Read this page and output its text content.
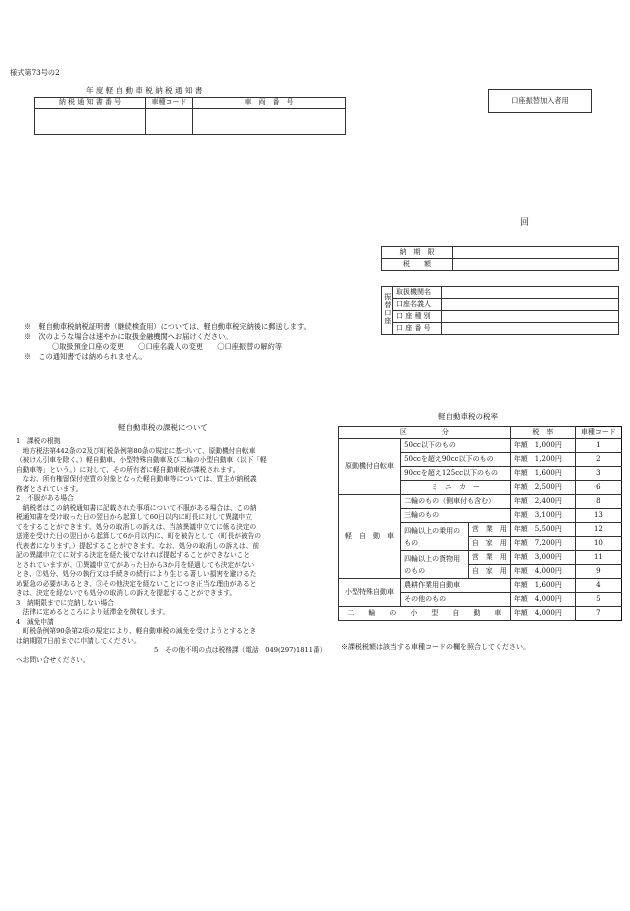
様式第73号の2
年 度 軽 自 動 車 税 納 税 通 知 書
納 税 通 知 書 番 号	車種コード	車　両　番　号
			口座振替加入者用
回
納　期　限	
税　　額	
振替口座	取扱機関名	
	口座名義人	
	口 座 種 別	
	口 座 番 号	

※　軽自動車税納税証明書（継続検査用）については、軽自動車税完納後に郵送します。

※　次のような場合は速やかに取扱金融機関へお届けください。

〇取扱預金口座の変更　　〇口座名義人の変更　　〇口座振替の解約等

※　この通知書では納められません。

軽自動車税の課税について

1　課税の根拠

　地方税法第442条の2及び町税条例第80条の規定に基づいて、原動機付自転車

（被けん引車を除く。）軽自動車、小型特殊自動車及び二輪の小型自動車（以下「軽

自動車等」という。）に対して、その所有者に軽自動車税が課税されます。

　なお、所有権留保付売買の対象となった軽自動車等については、買主が納税義

務者とされています。

2　不服がある場合

　納税者はこの納税通知書に記載された事項について不服がある場合は、この納

税通知書を受け取った日の翌日から起算して60日以内に町長に対して異議申立

てをすることができます。処分の取消しの訴えは、当該異議申立てに係る決定の

送達を受けた日の翌日から起算して6か月以内に、町を被告として（町長が被告の

代表者になります。）提起することができます。なお、処分の取消しの訴えは、前

記の異議申立てに対する決定を経た後でなければ提起することができないこと

とされていますが、①異議申立てがあった日から3か月を経過しても決定がない

とき、②処分、処分の執行又は手続きの続行により生じる著しい損害を避けるた

め緊急の必要があるとき、③その他決定を経ないことにつき正当な理由があると

きは、決定を経ないでも処分の取消しの訴えを提起することができます。

3　納期限までに完納しない場合

　法律に定めるところにより延滞金を徴収します。

4　減免申請

　町税条例第90条第2項の規定により、軽自動車税の減免を受けようとするとき

は納期限7日前までに申請してください。

5　その他不明の点は税務課（電話　049(297)1811番）

へお問い合せください。

軽自動車税の税率
区　　　　　分			税　率	車種コード
原動機付自転車	50cc以下のもの		年額　1,000円	1
	50ccを超え90cc以下のもの		年額　1,200円	2
	90ccを超え125cc以下のもの		年額　1,600円	3
	ミ　ニ　カ　ー		年額　2,500円	6
軽　自　動　車	二輪のもの（側車付も含む）		年額　2,400円	8
	三輪のもの		年額　3,100円	13
	四輪以上の乗用のもの	営　業　用	年額　5,500円	12
		自　家　用	年額　7,200円	10
	四輪以上の貨物用のもの	営　業　用	年額　3,000円	11
		自　家　用	年額　4,000円	9
小型特殊自動車	農耕作業用自動車		年額　1,600円	4
	その他のもの		年額　4,000円	5
二　　輪　　の　　小　　型　　自　　動　　車			年額　4,000円	7
※課税税額は該当する車種コードの欄を照合してください。
